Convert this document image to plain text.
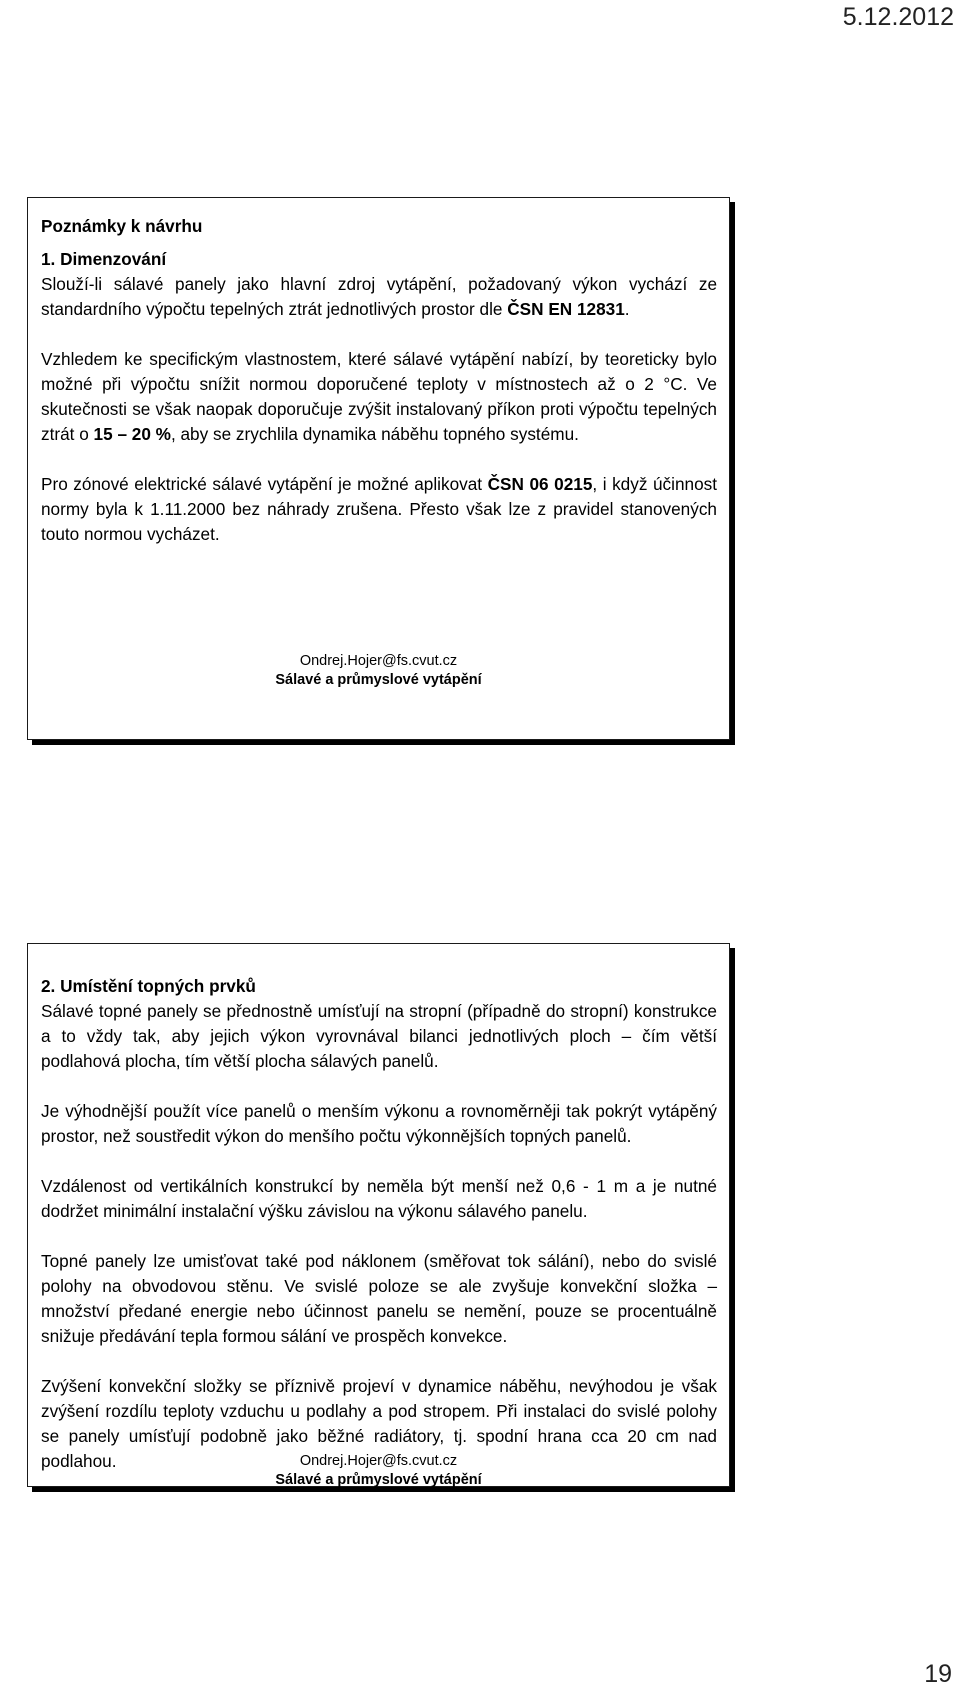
5.12.2012

Poznámky k návrhu

1. Dimenzování

Slouží-li sálavé panely jako hlavní zdroj vytápění, požadovaný výkon vychází ze standardního výpočtu tepelných ztrát jednotlivých prostor dle ČSN EN 12831.

Vzhledem ke specifickým vlastnostem, které sálavé vytápění nabízí, by teoreticky bylo možné při výpočtu snížit normou doporučené teploty v místnostech až o 2 °C. Ve skutečnosti se však naopak doporučuje zvýšit instalovaný příkon proti výpočtu tepelných ztrát o 15 – 20 %, aby se zrychlila dynamika náběhu topného systému.

Pro zónové elektrické sálavé vytápění je možné aplikovat ČSN 06 0215, i když účinnost normy byla k 1.11.2000 bez náhrady zrušena. Přesto však lze z pravidel stanovených touto normou vycházet.

Ondrej.Hojer@fs.cvut.cz
Sálavé a průmyslové vytápění

2. Umístění topných prvků

Sálavé topné panely se přednostně umísťují na stropní (případně do stropní) konstrukce a to vždy tak, aby jejich výkon vyrovnával bilanci jednotlivých ploch – čím větší podlahová plocha, tím větší plocha sálavých panelů.

Je výhodnější použít více panelů o menším výkonu a rovnoměrněji tak pokrýt vytápěný prostor, než soustředit výkon do menšího počtu výkonnějších topných panelů.

Vzdálenost od vertikálních konstrukcí by neměla být menší než 0,6 - 1 m a je nutné dodržet minimální instalační výšku závislou na výkonu sálavého panelu.

Topné panely lze umisťovat také pod náklonem (směřovat tok sálání), nebo do svislé polohy na obvodovou stěnu. Ve svislé poloze se ale zvyšuje konvekční složka – množství předané energie nebo účinnost panelu se nemění, pouze se procentuálně snižuje předávání tepla formou sálání ve prospěch konvekce.

Zvýšení konvekční složky se příznivě projeví v dynamice náběhu, nevýhodou je však zvýšení rozdílu teploty vzduchu u podlahy a pod stropem. Při instalaci do svislé polohy se panely umísťují podobně jako běžné radiátory, tj. spodní hrana cca 20 cm nad podlahou.	Ondrej.Hojer@fs.cvut.cz
Sálavé a průmyslové vytápění
19
